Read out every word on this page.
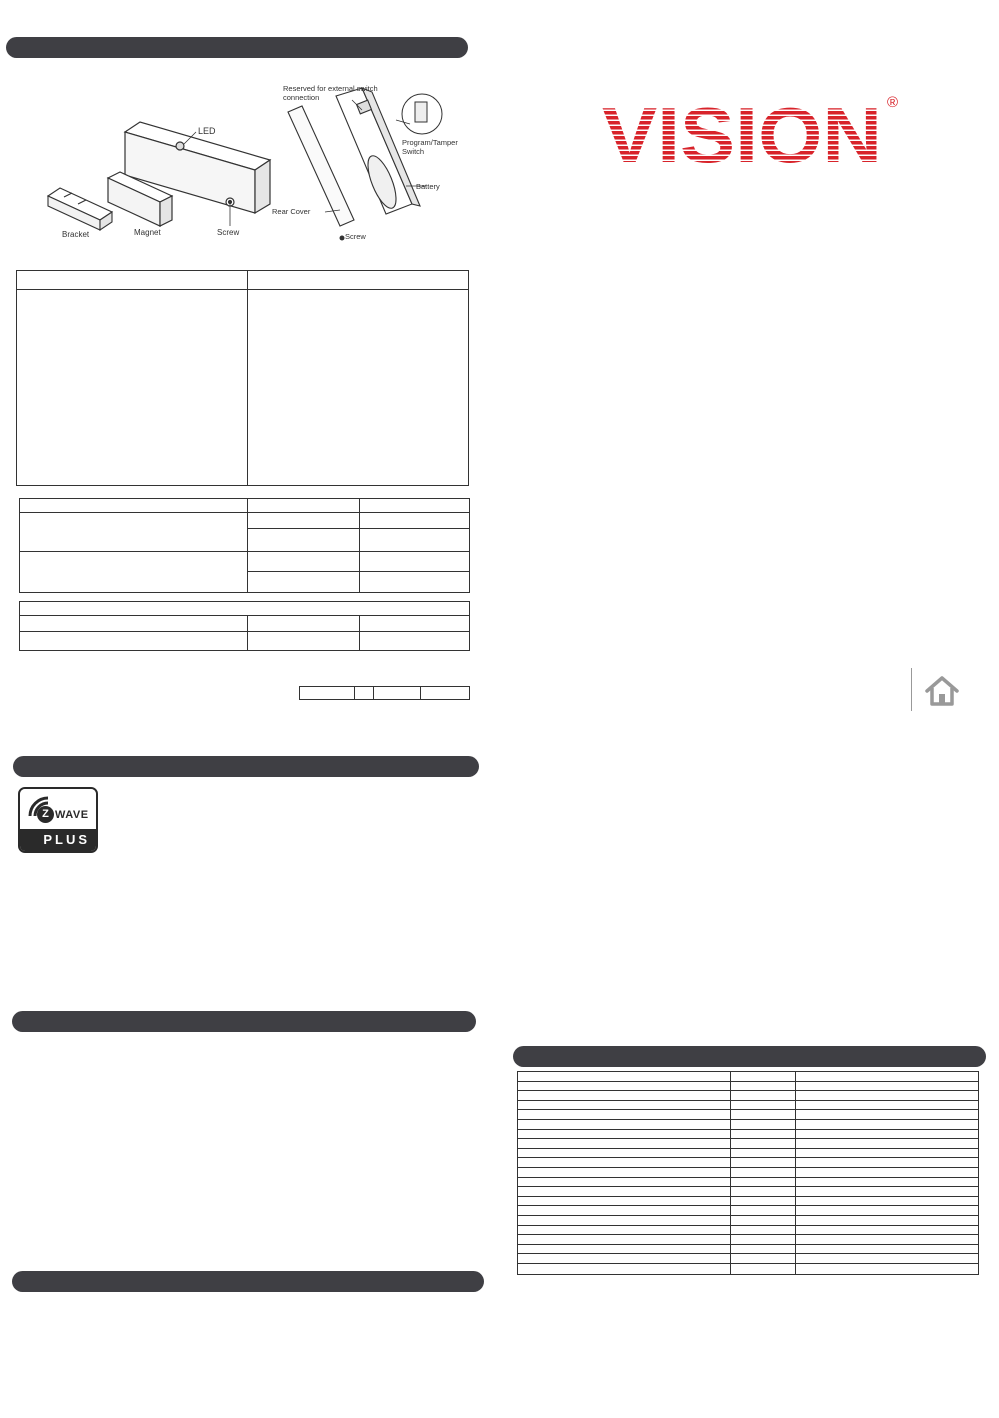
LED
Bracket	Magnet	Screw
Reserved for external switch
connection
Program/Tamper
Switch
Battery
Rear Cover
Screw

Z WAVE
PLUS
VISION ®
